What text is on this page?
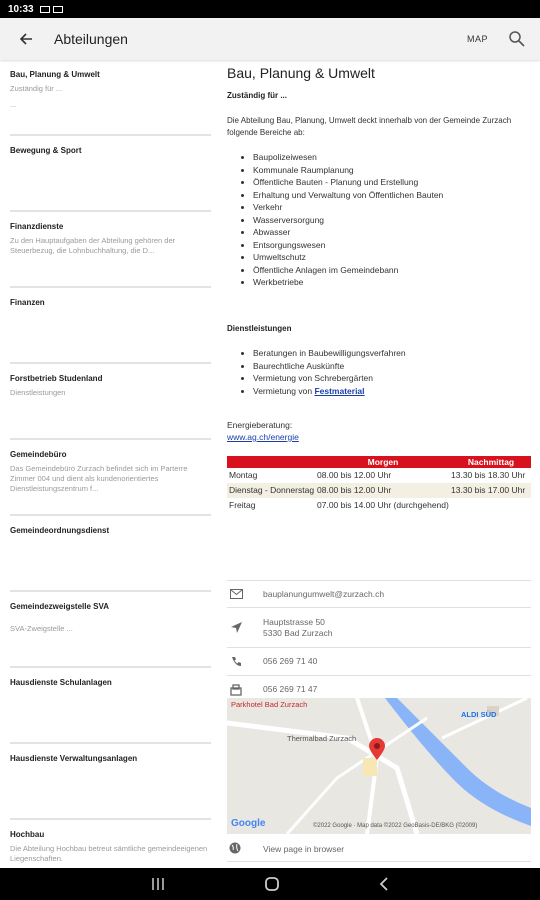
10:33
Abteilungen	MAP
Bau, Planung & Umwelt
Zuständig für ...
...
Bewegung & Sport
Finanzdienste
Zu den Hauptaufgaben der Abteilung gehören der Steuerbezug, die Lohnbuchhaltung, die D...
Finanzen
Forstbetrieb Studenland
Dienstleistungen
Gemeindebüro
Das Gemeindebüro Zurzach befindet sich im Parterre Zimmer 004 und dient als kundenorientiertes Dienstleistungszentrum f...
Gemeindeordnungsdienst
Gemeindezweigstelle SVA
SVA-Zweigstelle ...
Hausdienste Schulanlagen
Hausdienste Verwaltungsanlagen
Hochbau
Die Abteilung Hochbau betreut sämtliche gemeindeeigenen Liegenschaften.
Bau, Planung & Umwelt
Zuständig für ...
Die Abteilung Bau, Planung, Umwelt deckt innerhalb von der Gemeinde Zurzach folgende Bereiche ab:
• Baupolizeiwesen
• Kommunale Raumplanung
• Öffentliche Bauten - Planung und Erstellung
• Erhaltung und Verwaltung von Öffentlichen Bauten
• Verkehr
• Wasserversorgung
• Abwasser
• Entsorgungswesen
• Umweltschutz
• Öffentliche Anlagen im Gemeindebann
• Werkbetriebe
Dienstleistungen
• Beratungen in Baubewilligungsverfahren
• Baurechtliche Auskünfte
• Vermietung von Schrebergärten
• Vermietung von Festmaterial
Energieberatung:
www.ag.ch/energie
	Morgen	Nachmittag
Montag	08.00 bis 12.00 Uhr	13.30 bis 18.30 Uhr
Dienstag - Donnerstag	08.00 bis 12.00 Uhr	13.30 bis 17.00 Uhr
Freitag	07.00 bis 14.00 Uhr (durchgehend)	
bauplanungumwelt@zurzach.ch
Hauptstrasse 50
5330 Bad Zurzach
056 269 71 40
056 269 71 47
Parkhotel Bad Zurzach
Thermalbad Zurzach
ALDI SÜD
Google	©2022 Google · Map data ©2022 GeoBasis-DE/BKG (©2009)
View page in browser
